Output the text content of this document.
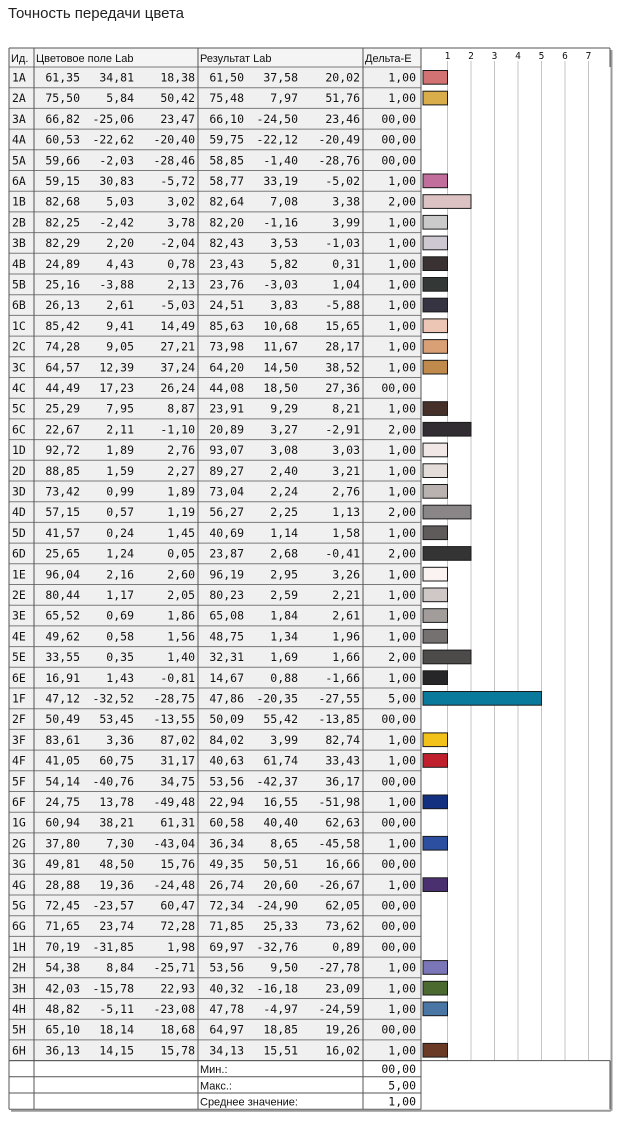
Точность передачи цвета
Ид. Цветовое поле Lab	Результат Lab	Дельта-E	1 2 3 4 5 6 7
1A 61,35 34,81 18,38 61,50 37,58 20,02 1,00
2A 75,50 5,84 50,42 75,48 7,97 51,76 1,00
3A 66,82 -25,06 23,47 66,10 -24,50 23,46 00,00
4A 60,53 -22,62 -20,40 59,75 -22,12 -20,49 00,00
5A 59,66 -2,03 -28,46 58,85 -1,40 -28,76 00,00
6A 59,15 30,83 -5,72 58,77 33,19 -5,02 1,00
1B 82,68 5,03	3,02 82,64 7,08	3,38 2,00
2B 82,25 -2,42	3,78 82,20 -1,16	3,99 1,00
3B 82,29 2,20 -2,04 82,43 3,53 -1,03 1,00
4B 24,89 4,43	0,78 23,43 5,82	0,31 1,00
5B 25,16 -3,88	2,13 23,76 -3,03	1,04 1,00
6B 26,13 2,61 -5,03 24,51 3,83 -5,88 1,00
1C 85,42 9,41 14,49 85,63 10,68 15,65 1,00
2C 74,28 9,05 27,21 73,98 11,67 28,17 1,00
3C 64,57 12,39 37,24 64,20 14,50 38,52 1,00
4C 44,49 17,23 26,24 44,08 18,50 27,36 00,00
5C 25,29 7,95	8,87 23,91 9,29	8,21 1,00
6C 22,67 2,11 -1,10 20,89 3,27 -2,91 2,00
1D 92,72 1,89	2,76 93,07 3,08	3,03 1,00
2D 88,85 1,59	2,27 89,27 2,40	3,21 1,00
3D 73,42 0,99	1,89 73,04 2,24	2,76 1,00
4D 57,15 0,57	1,19 56,27 2,25	1,13 2,00
5D 41,57 0,24	1,45 40,69 1,14	1,58 1,00
6D 25,65 1,24	0,05 23,87 2,68 -0,41 2,00
1E 96,04 2,16	2,60 96,19 2,95	3,26 1,00
2E 80,44 1,17	2,05 80,23 2,59	2,21 1,00
3E 65,52 0,69	1,86 65,08 1,84	2,61 1,00
4E 49,62 0,58	1,56 48,75 1,34	1,96 1,00
5E 33,55 0,35	1,40 32,31 1,69	1,66 2,00
6E 16,91 1,43 -0,81 14,67 0,88 -1,66 1,00
1F 47,12 -32,52 -28,75 47,86 -20,35 -27,55 5,00
2F 50,49 53,45 -13,55 50,09 55,42 -13,85 00,00
3F 83,61 3,36 87,02 84,02 3,99 82,74 1,00
4F 41,05 60,75 31,17 40,63 61,74 33,43 1,00
5F 54,14 -40,76 34,75 53,56 -42,37 36,17 00,00
6F 24,75 13,78 -49,48 22,94 16,55 -51,98 1,00
1G 60,94 38,21 61,31 60,58 40,40 62,63 00,00
2G 37,80 7,30 -43,04 36,34 8,65 -45,58 1,00
3G 49,81 48,50 15,76 49,35 50,51 16,66 00,00
4G 28,88 19,36 -24,48 26,74 20,60 -26,67 1,00
5G 72,45 -23,57 60,47 72,34 -24,90 62,05 00,00
6G 71,65 23,74 72,28 71,85 25,33 73,62 00,00
1H 70,19 -31,85	1,98 69,97 -32,76	0,89 00,00
2H 54,38 8,84 -25,71 53,56 9,50 -27,78 1,00
3H 42,03 -15,78 22,93 40,32 -16,18 23,09 1,00
4H 48,82 -5,11 -23,08 47,78 -4,97 -24,59 1,00
5H 65,10 18,14 18,68 64,97 18,85 19,26 00,00
6H 36,13 14,15 15,78 34,13 15,51 16,02 1,00
Мин.:	00,00
Макс.:	5,00
Среднее значение:	1,00
